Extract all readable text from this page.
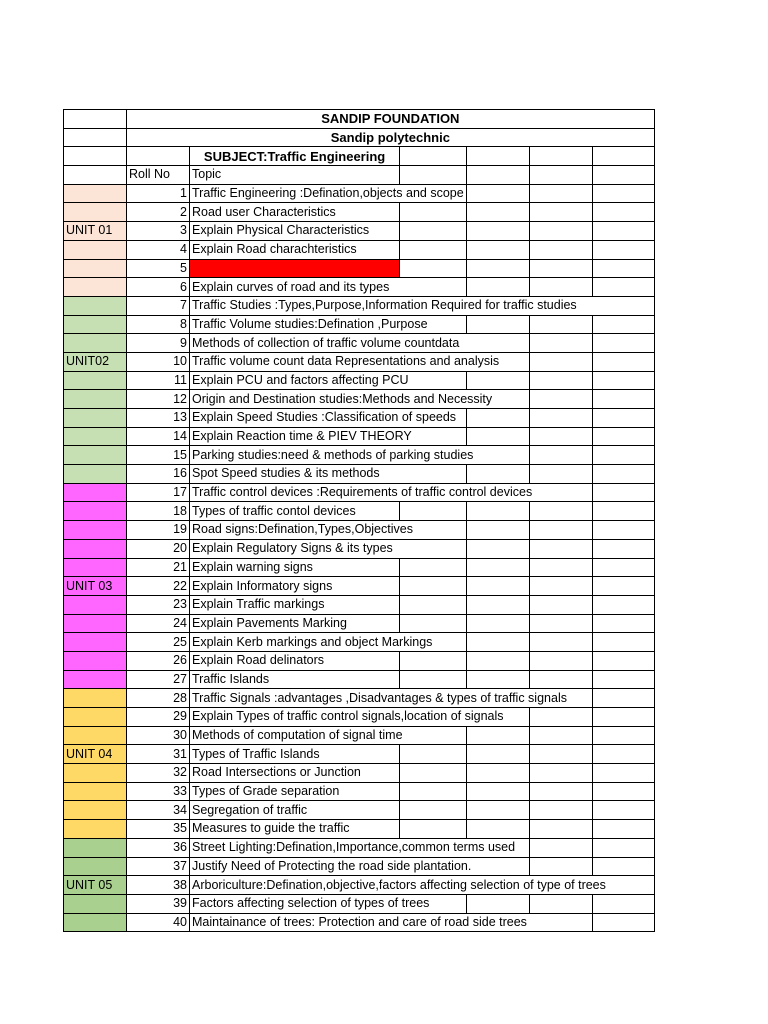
	SANDIP FOUNDATION					
	Sandip polytechnic					
		SUBJECT:Traffic Engineering				
	Roll No	Topic				
	1	Traffic Engineering :Defination,objects and scope				
	2	Road user Characteristics				
UNIT 01	3	Explain Physical Characteristics				
	4	Explain Road charachteristics				
	5					
	6	Explain curves of road and its types				
	7	Traffic Studies :Types,Purpose,Information Required for traffic studies				
	8	Traffic Volume studies:Defination ,Purpose				
	9	Methods of collection of traffic volume countdata				
UNIT02	10	Traffic volume count data Representations and analysis				
	11	Explain PCU and factors affecting PCU				
	12	Origin and Destination studies:Methods and Necessity				
	13	Explain Speed Studies :Classification of speeds				
	14	Explain Reaction time & PIEV THEORY				
	15	Parking studies:need & methods of parking studies				
	16	Spot Speed studies & its methods				
	17	Traffic control devices :Requirements of traffic control devices				
	18	Types of traffic contol devices				
	19	Road signs:Defination,Types,Objectives				
	20	Explain Regulatory Signs & its types				
	21	Explain warning signs				
UNIT 03	22	Explain Informatory signs				
	23	Explain Traffic markings				
	24	Explain Pavements Marking				
	25	Explain Kerb markings and object Markings				
	26	Explain Road delinators				
	27	Traffic Islands				
	28	Traffic Signals :advantages ,Disadvantages & types of traffic signals				
	29	Explain Types of traffic control signals,location of signals				
	30	Methods of computation of signal time				
UNIT 04	31	Types of Traffic Islands				
	32	Road Intersections or Junction				
	33	Types of Grade separation				
	34	Segregation of traffic				
	35	Measures to guide the traffic				
	36	Street Lighting:Defination,Importance,common terms used				
	37	Justify Need of Protecting the road side plantation.				
UNIT 05	38	Arboriculture:Defination,objective,factors affecting selection of type of trees				
	39	Factors affecting selection of types of trees				
	40	Maintainance of trees: Protection and care of road side trees				
